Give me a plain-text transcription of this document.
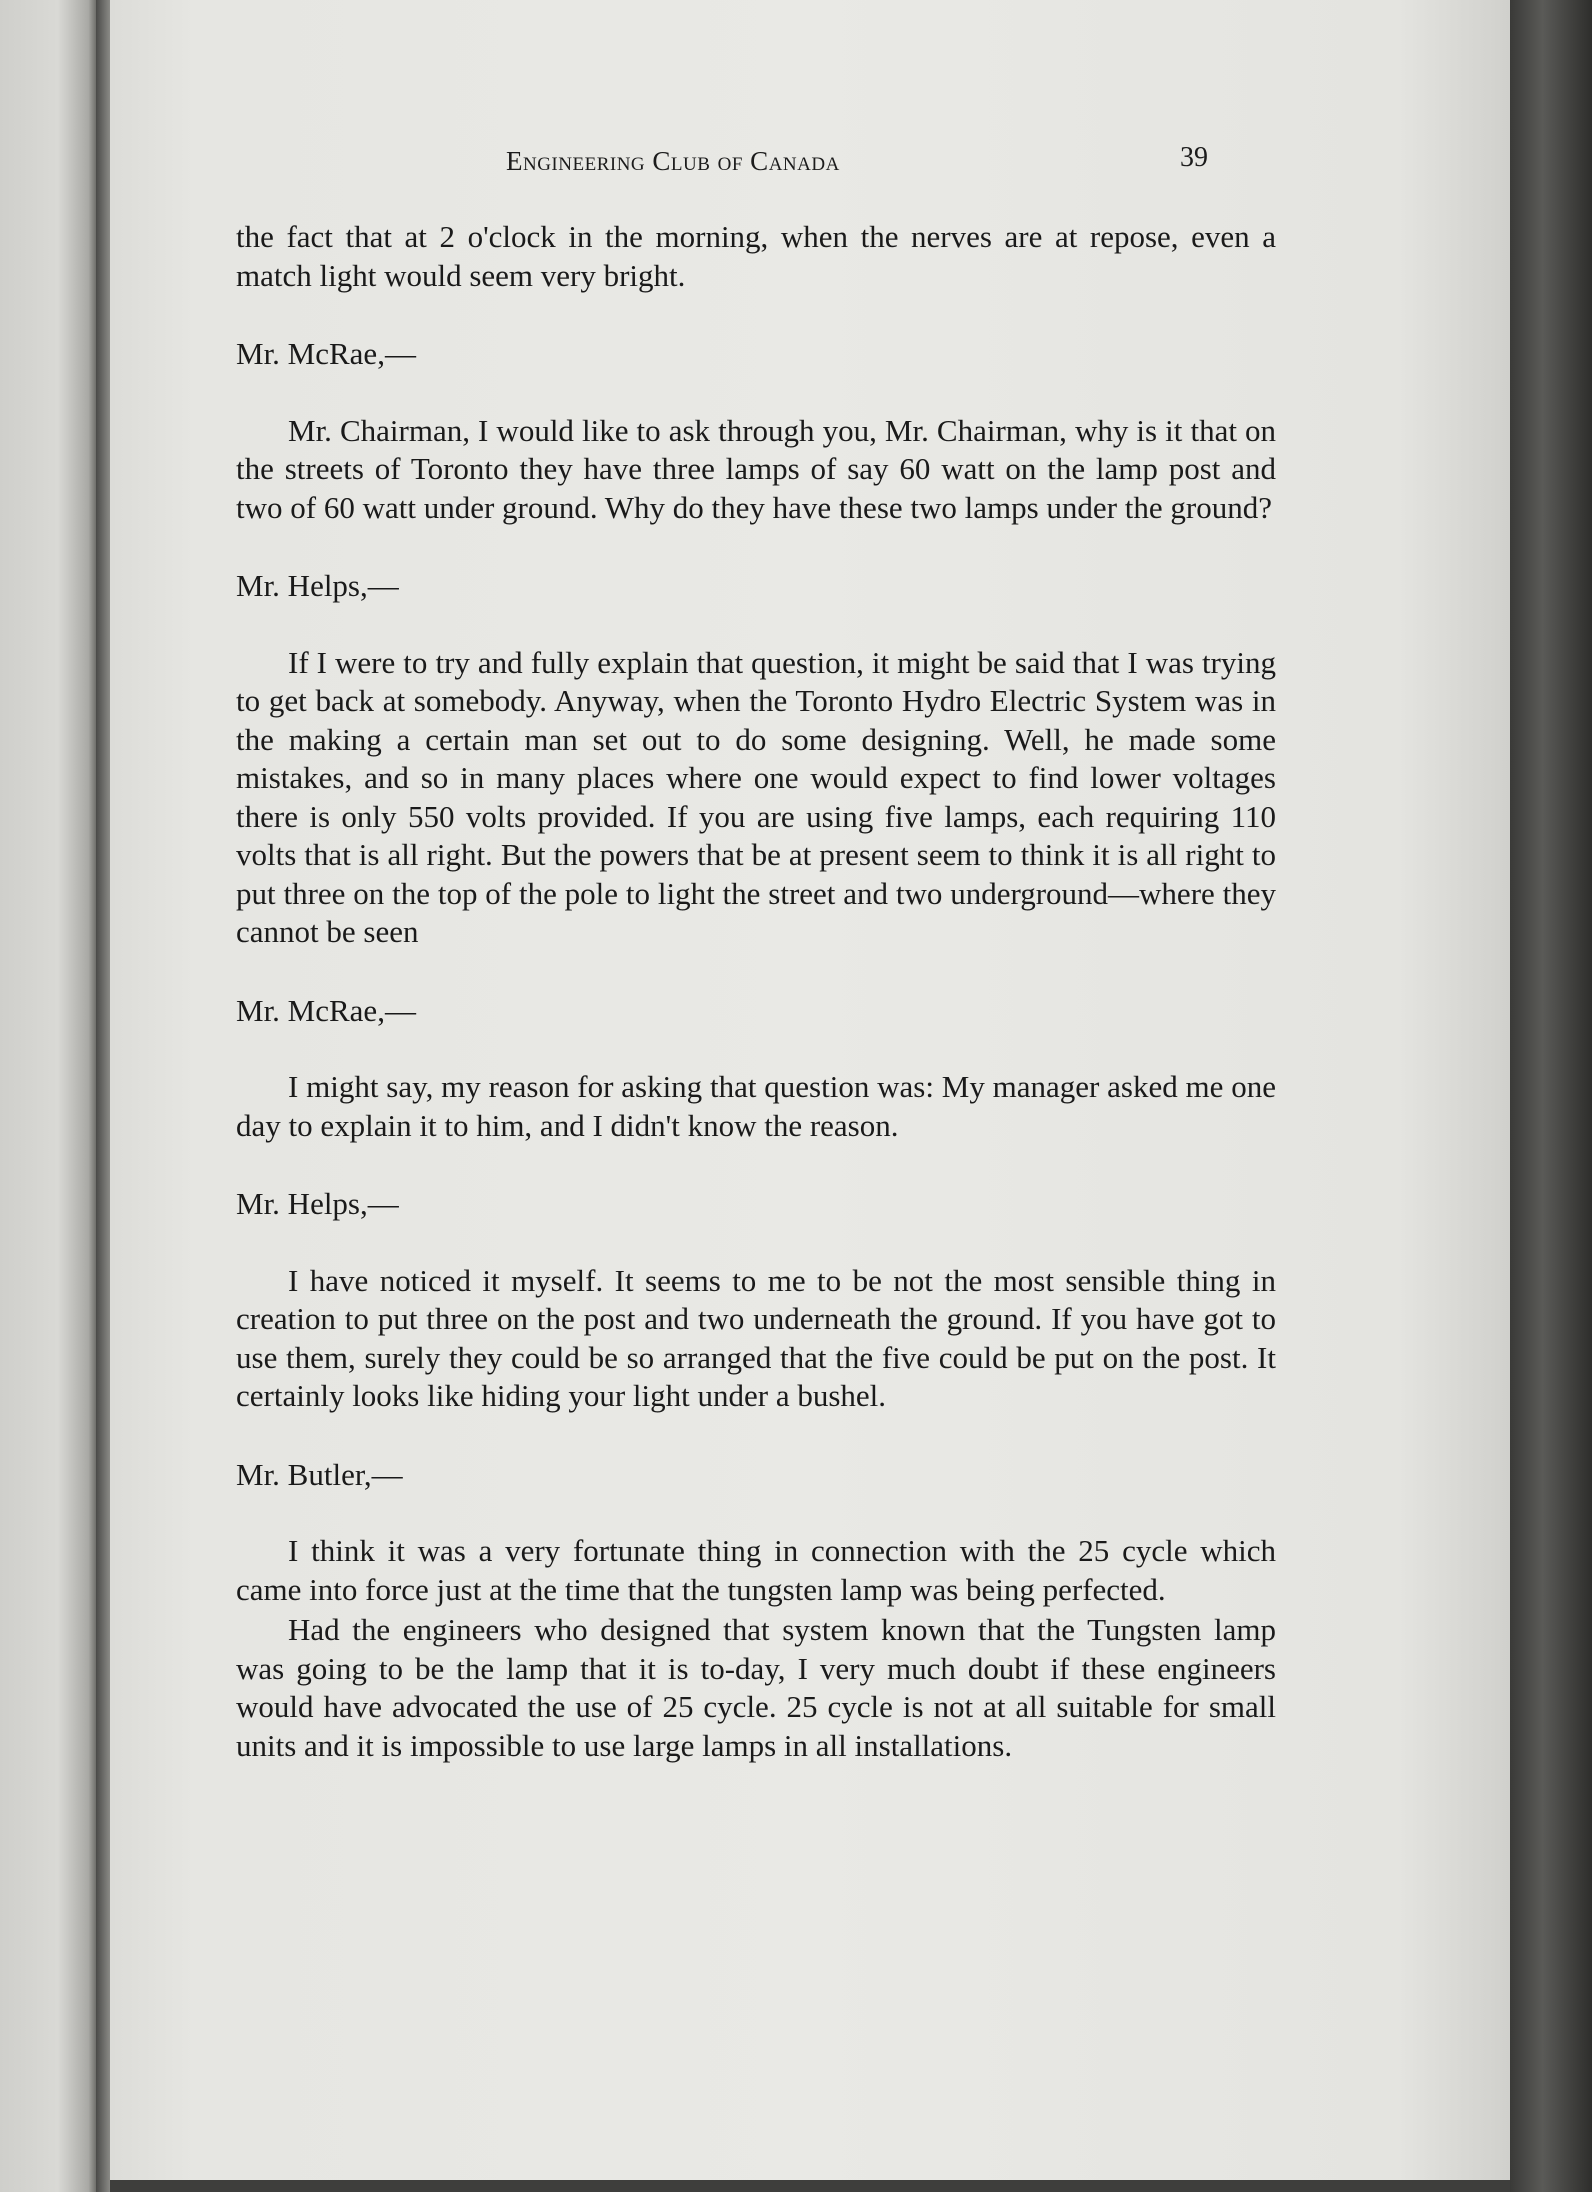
Engineering Club of Canada	39

the fact that at 2 o'clock in the morning, when the nerves are at repose, even a match light would seem very bright.

Mr. McRae,—

Mr. Chairman, I would like to ask through you, Mr. Chairman, why is it that on the streets of Toronto they have three lamps of say 60 watt on the lamp post and two of 60 watt under ground. Why do they have these two lamps under the ground?

Mr. Helps,—

If I were to try and fully explain that question, it might be said that I was trying to get back at somebody. Anyway, when the Toronto Hydro Electric System was in the making a certain man set out to do some designing. Well, he made some mistakes, and so in many places where one would expect to find lower voltages there is only 550 volts provided. If you are using five lamps, each requiring 110 volts that is all right. But the powers that be at present seem to think it is all right to put three on the top of the pole to light the street and two underground—where they cannot be seen

Mr. McRae,—

I might say, my reason for asking that question was: My manager asked me one day to explain it to him, and I didn't know the reason.

Mr. Helps,—

I have noticed it myself. It seems to me to be not the most sensible thing in creation to put three on the post and two underneath the ground. If you have got to use them, surely they could be so arranged that the five could be put on the post. It certainly looks like hiding your light under a bushel.

Mr. Butler,—

I think it was a very fortunate thing in connection with the 25 cycle which came into force just at the time that the tungsten lamp was being perfected.

Had the engineers who designed that system known that the Tungsten lamp was going to be the lamp that it is to-day, I very much doubt if these engineers would have advocated the use of 25 cycle. 25 cycle is not at all suitable for small units and it is impossible to use large lamps in all installations.
